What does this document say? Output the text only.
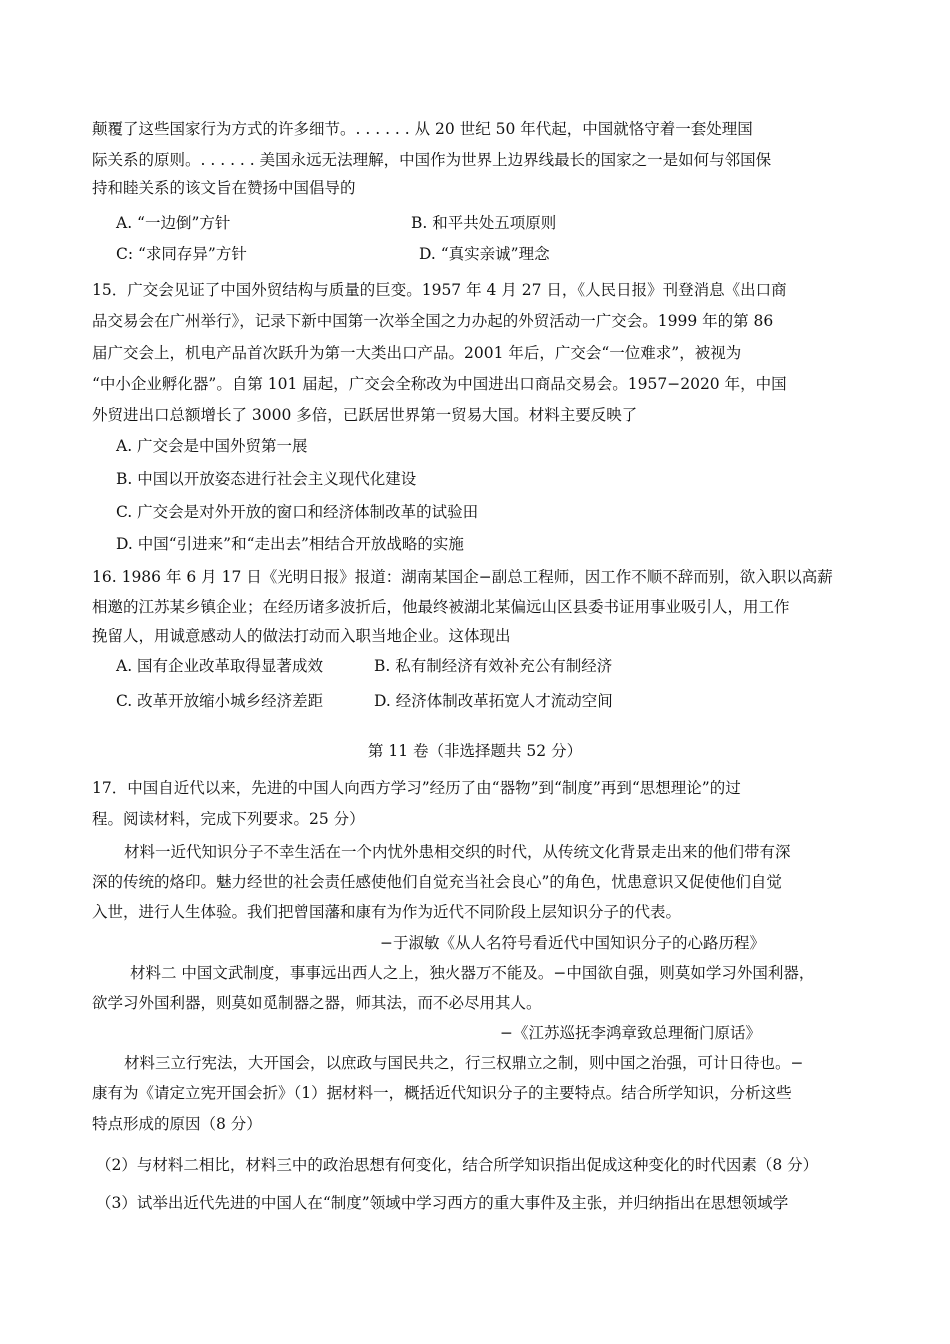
颠覆了这些国家行为方式的许多细节。. . . . . . 从 20 世纪 50 年代起，中国就恪守着一套处理国
际关系的原则。. . . . . . 美国永远无法理解，中国作为世界上边界线最长的国家之一是如何与邻国保
持和睦关系的该文旨在赞扬中国倡导的
A. “一边倒”方针	B. 和平共处五项原则
C: “求同存异”方针	D. “真实亲诚”理念
15．广交会见证了中国外贸结构与质量的巨变。1957 年 4 月 27 日，《人民日报》刊登消息《出口商
品交易会在广州举行》，记录下新中国第一次举全国之力办起的外贸活动一广交会。1999 年的第 86
届广交会上，机电产品首次跃升为第一大类出口产品。2001 年后，广交会“一位难求”，被视为
“中小企业孵化器”。自第 101 届起，广交会全称改为中国进出口商品交易会。1957−2020 年，中国
外贸进出口总额增长了 3000 多倍，已跃居世界第一贸易大国。材料主要反映了
A. 广交会是中国外贸第一展
B. 中国以开放姿态进行社会主义现代化建设
C. 广交会是对外开放的窗口和经济体制改革的试验田
D. 中国“引进来”和“走出去”相结合开放战略的实施
16. 1986 年 6 月 17 日《光明日报》报道：湖南某国企−副总工程师，因工作不顺不辞而别，欲入职以高薪
相邀的江苏某乡镇企业；在经历诸多波折后，他最终被湖北某偏远山区县委书证用事业吸引人，用工作
挽留人，用诚意感动人的做法打动而入职当地企业。这体现出
A. 国有企业改革取得显著成效	B. 私有制经济有效补充公有制经济
C. 改革开放缩小城乡经济差距	D. 经济体制改革拓宽人才流动空间
第 11 卷（非选择题共 52 分）
17．中国自近代以来，先进的中国人向西方学习”经历了由“器物”到“制度”再到“思想理论”的过
程。阅读材料，完成下列要求。25 分）
材料一近代知识分子不幸生活在一个内忧外患相交织的时代，从传统文化背景走出来的他们带有深
深的传统的烙印。魅力经世的社会责任感使他们自觉充当社会良心”的角色，忧患意识又促使他们自觉
入世，进行人生体验。我们把曾国藩和康有为作为近代不同阶段上层知识分子的代表。
−于淑敏《从人名符号看近代中国知识分子的心路历程》
材料二 中国文武制度，事事远出西人之上，独火器万不能及。−中国欲自强，则莫如学习外国利器，
欲学习外国利器，则莫如觅制器之器，师其法，而不必尽用其人。
−《江苏巡抚李鸿章致总理衙门原话》
材料三立行宪法，大开国会，以庶政与国民共之，行三权鼎立之制，则中国之治强，可计日待也。−
康有为《请定立宪开国会折》（1）据材料一，概括近代知识分子的主要特点。结合所学知识，分析这些
特点形成的原因（8 分）
（2）与材料二相比，材料三中的政治思想有何变化，结合所学知识指出促成这种变化的时代因素（8 分）
（3）试举出近代先进的中国人在“制度”领域中学习西方的重大事件及主张，并归纳指出在思想领域学
